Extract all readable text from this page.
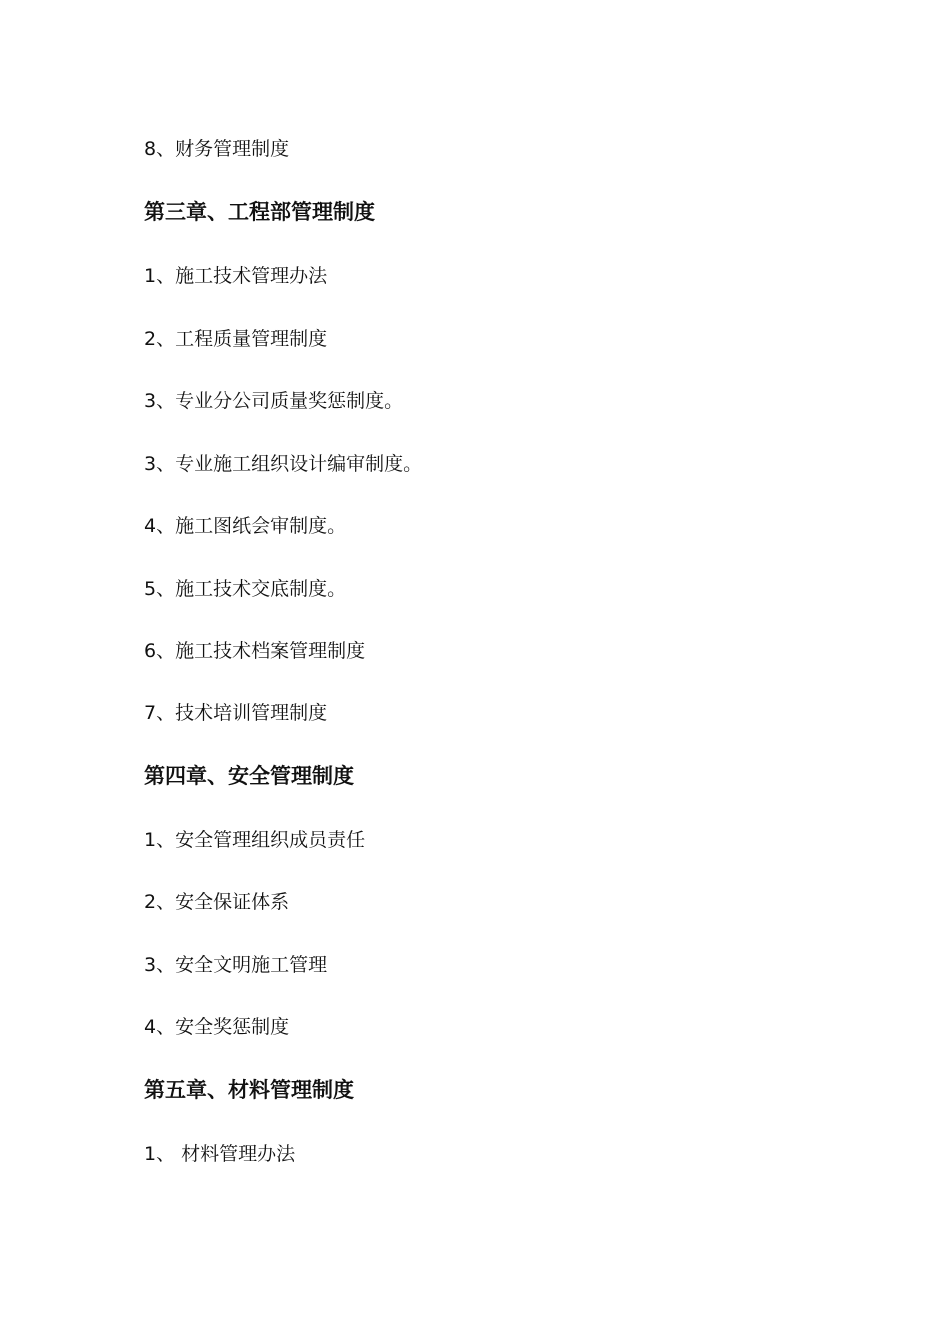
8、财务管理制度
第三章、工程部管理制度
1、施工技术管理办法
2、工程质量管理制度
3、专业分公司质量奖惩制度。
3、专业施工组织设计编审制度。
4、施工图纸会审制度。
5、施工技术交底制度。
6、施工技术档案管理制度
7、技术培训管理制度
第四章、安全管理制度
1、安全管理组织成员责任
2、安全保证体系
3、安全文明施工管理
4、安全奖惩制度
第五章、材料管理制度
1、 材料管理办法
